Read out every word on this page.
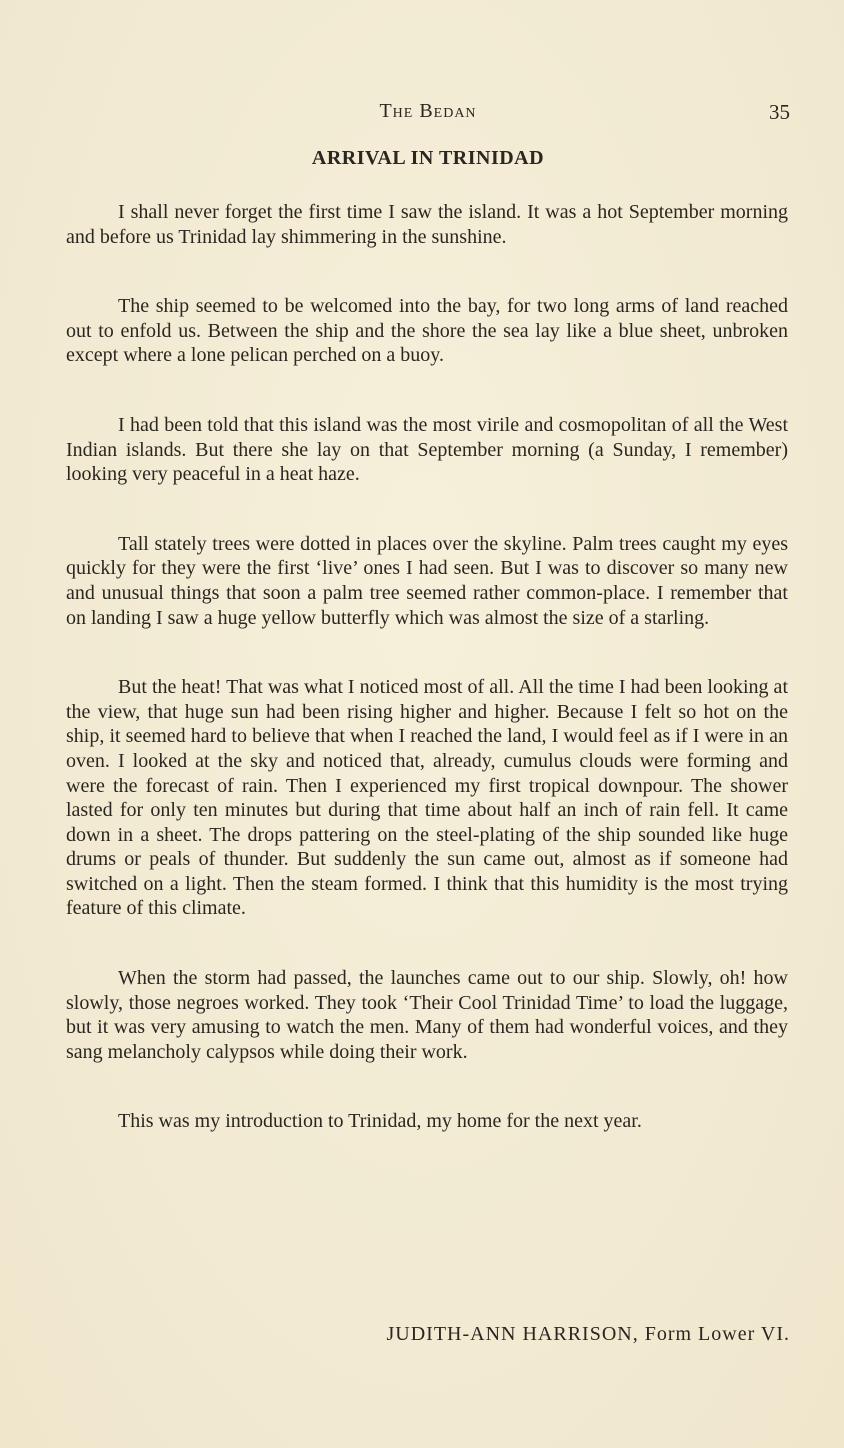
The Bedan	35
ARRIVAL IN TRINIDAD

I shall never forget the first time I saw the island. It was a hot September morning and before us Trinidad lay shimmering in the sunshine.

The ship seemed to be welcomed into the bay, for two long arms of land reached out to enfold us. Between the ship and the shore the sea lay like a blue sheet, unbroken except where a lone pelican perched on a buoy.

I had been told that this island was the most virile and cosmopolitan of all the West Indian islands. But there she lay on that September morning (a Sunday, I remember) looking very peaceful in a heat haze.

Tall stately trees were dotted in places over the skyline. Palm trees caught my eyes quickly for they were the first ‘live’ ones I had seen. But I was to discover so many new and unusual things that soon a palm tree seemed rather common-place. I remember that on landing I saw a huge yellow butterfly which was almost the size of a starling.

But the heat! That was what I noticed most of all. All the time I had been looking at the view, that huge sun had been rising higher and higher. Because I felt so hot on the ship, it seemed hard to believe that when I reached the land, I would feel as if I were in an oven. I looked at the sky and noticed that, already, cumulus clouds were forming and were the forecast of rain. Then I experienced my first tropical downpour. The shower lasted for only ten minutes but during that time about half an inch of rain fell. It came down in a sheet. The drops pattering on the steel-plating of the ship sounded like huge drums or peals of thunder. But suddenly the sun came out, almost as if someone had switched on a light. Then the steam formed. I think that this humidity is the most trying feature of this climate.

When the storm had passed, the launches came out to our ship. Slowly, oh! how slowly, those negroes worked. They took ‘Their Cool Trinidad Time’ to load the luggage, but it was very amusing to watch the men. Many of them had wonderful voices, and they sang melancholy calypsos while doing their work.

This was my introduction to Trinidad, my home for the next year.

JUDITH-ANN HARRISON, Form Lower VI.
